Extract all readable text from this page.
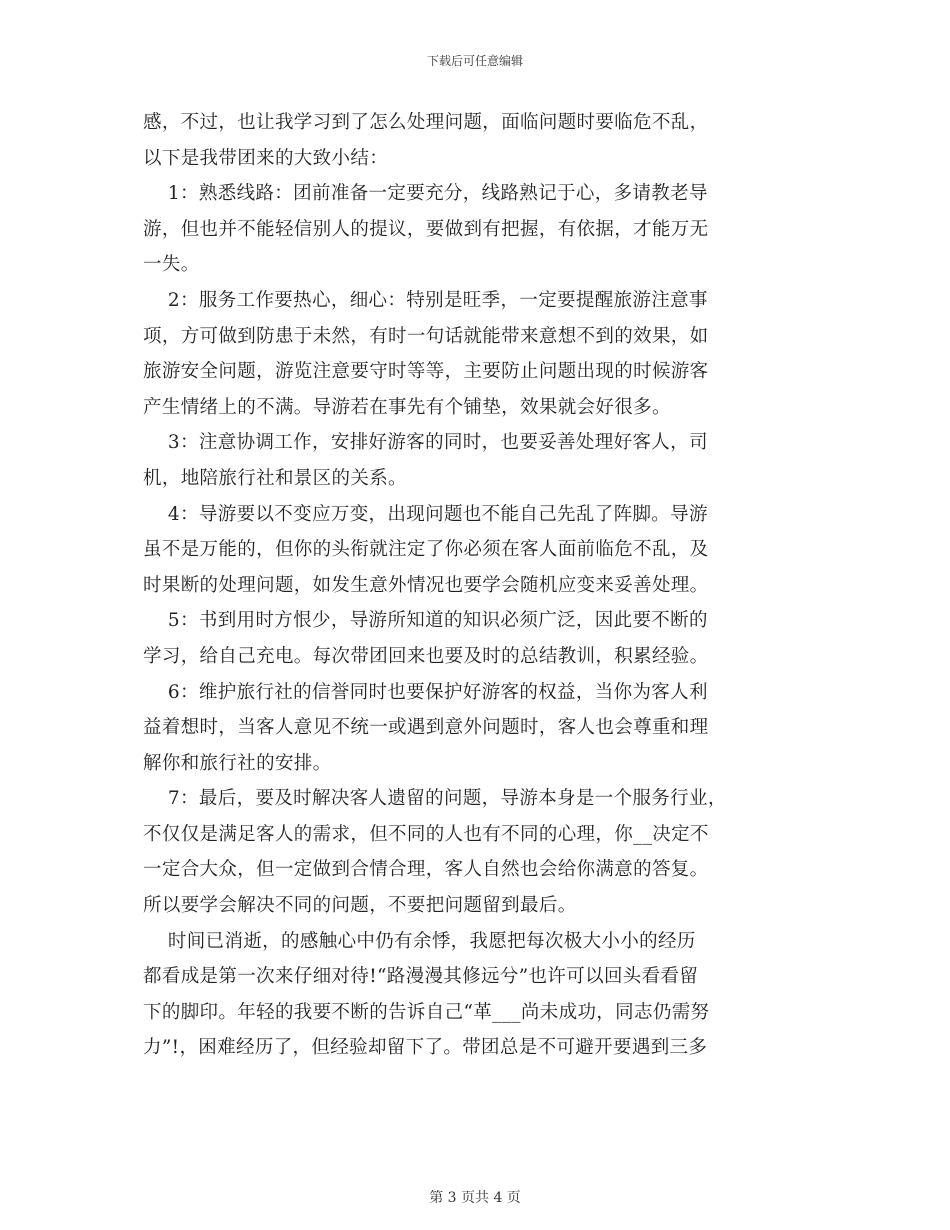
下载后可任意编辑
感，不过，也让我学习到了怎么处理问题，面临问题时要临危不乱，
以下是我带团来的大致小结：
1：熟悉线路：团前准备一定要充分，线路熟记于心，多请教老导
游，但也并不能轻信别人的提议，要做到有把握，有依据，才能万无
一失。
2：服务工作要热心，细心：特别是旺季，一定要提醒旅游注意事
项，方可做到防患于未然，有时一句话就能带来意想不到的效果，如
旅游安全问题，游览注意要守时等等，主要防止问题出现的时候游客
产生情绪上的不满。导游若在事先有个铺垫，效果就会好很多。
3：注意协调工作，安排好游客的同时，也要妥善处理好客人，司
机，地陪旅行社和景区的关系。
4：导游要以不变应万变，出现问题也不能自己先乱了阵脚。导游
虽不是万能的，但你的头衔就注定了你必须在客人面前临危不乱，及
时果断的处理问题，如发生意外情况也要学会随机应变来妥善处理。
5：书到用时方恨少，导游所知道的知识必须广泛，因此要不断的
学习，给自己充电。每次带团回来也要及时的总结教训，积累经验。
6：维护旅行社的信誉同时也要保护好游客的权益，当你为客人利
益着想时，当客人意见不统一或遇到意外问题时，客人也会尊重和理
解你和旅行社的安排。
7：最后，要及时解决客人遗留的问题，导游本身是一个服务行业，
不仅仅是满足客人的需求，但不同的人也有不同的心理，你__决定不
一定合大众，但一定做到合情合理，客人自然也会给你满意的答复。
所以要学会解决不同的问题，不要把问题留到最后。
时间已消逝，的感触心中仍有余悸，我愿把每次极大小小的经历
都看成是第一次来仔细对待!“路漫漫其修远兮”也许可以回头看看留
下的脚印。年轻的我要不断的告诉自己“革___尚未成功，同志仍需努
力”!，困难经历了，但经验却留下了。带团总是不可避开要遇到三多
第 3 页共 4 页
